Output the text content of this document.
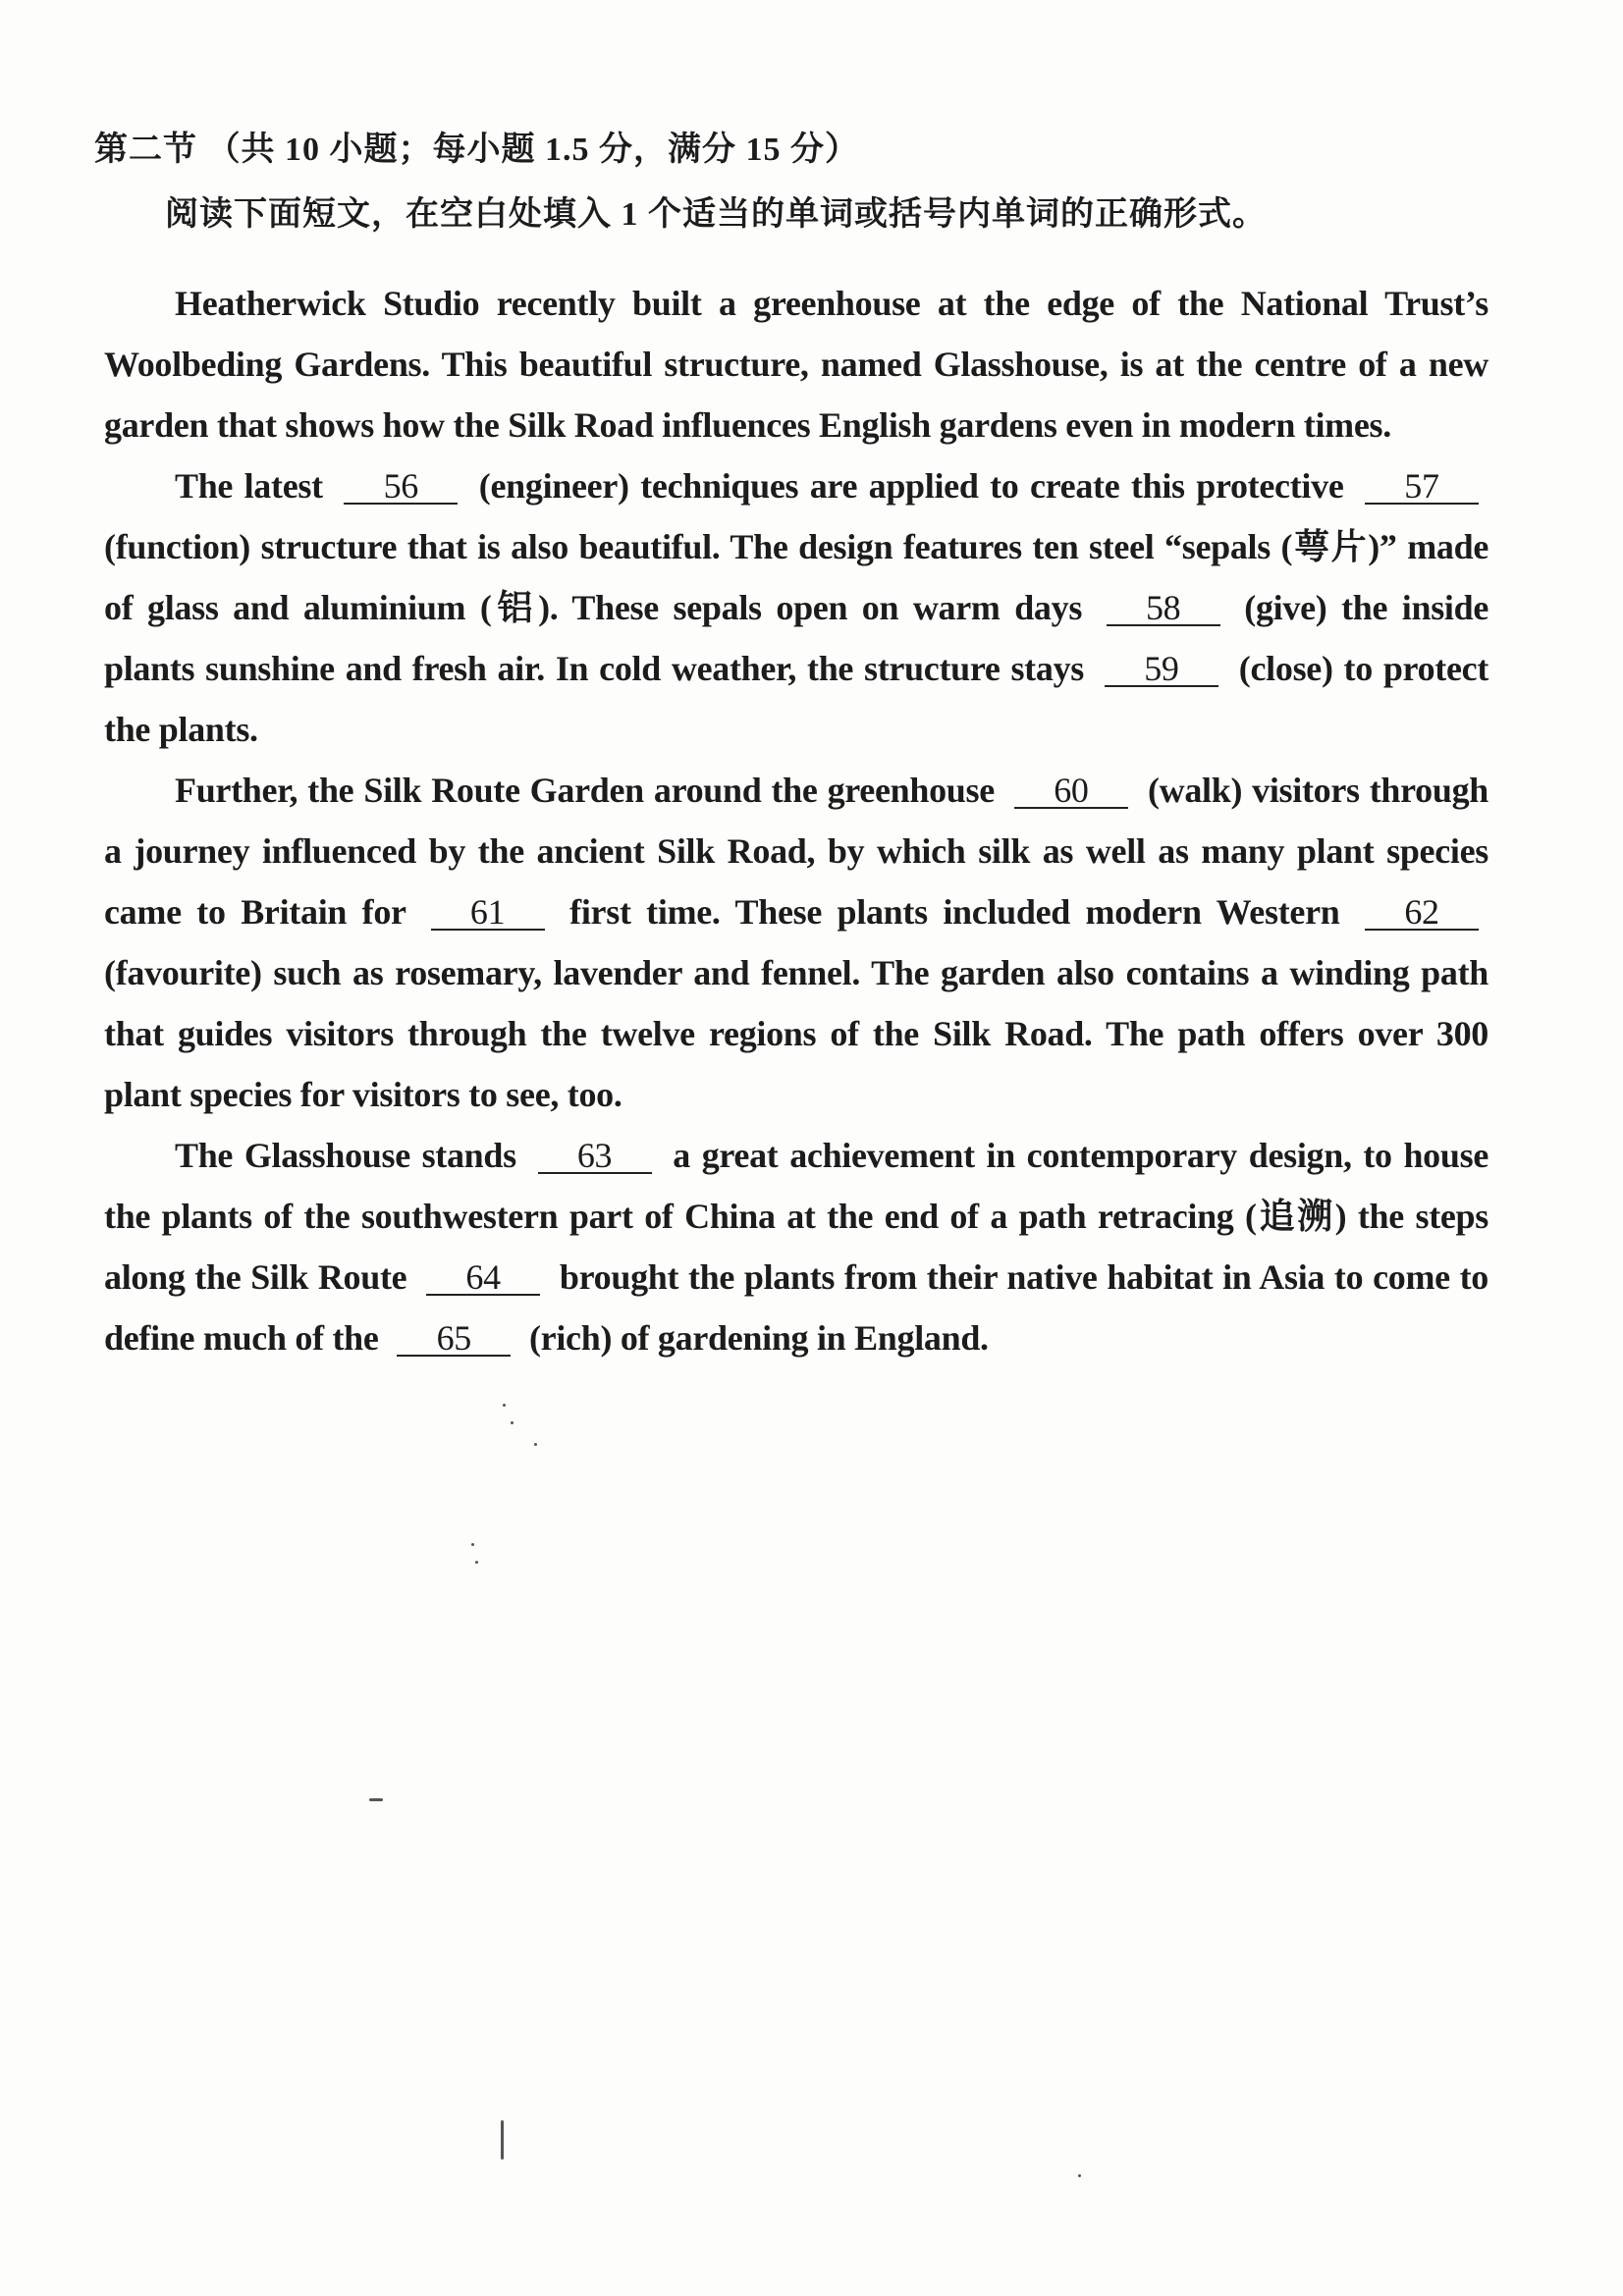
第二节 （共 10 小题；每小题 1.5 分，满分 15 分）
阅读下面短文，在空白处填入 1 个适当的单词或括号内单词的正确形式。

Heatherwick Studio recently built a greenhouse at the edge of the National Trust’s Woolbeding Gardens. This beautiful structure, named Glasshouse, is at the centre of a new garden that shows how the Silk Road influences English gardens even in modern times.

The latest 56 (engineer) techniques are applied to create this protective 57 (function) structure that is also beautiful. The design features ten steel “sepals (萼片)” made of glass and aluminium (铝). These sepals open on warm days 58 (give) the inside plants sunshine and fresh air. In cold weather, the structure stays 59 (close) to protect the plants.

Further, the Silk Route Garden around the greenhouse 60 (walk) visitors through a journey influenced by the ancient Silk Road, by which silk as well as many plant species came to Britain for 61 first time. These plants included modern Western 62 (favourite) such as rosemary, lavender and fennel. The garden also contains a winding path that guides visitors through the twelve regions of the Silk Road. The path offers over 300 plant species for visitors to see, too.

The Glasshouse stands 63 a great achievement in contemporary design, to house the plants of the southwestern part of China at the end of a path retracing (追溯) the steps along the Silk Route 64 brought the plants from their native habitat in Asia to come to define much of the 65 (rich) of gardening in England.
